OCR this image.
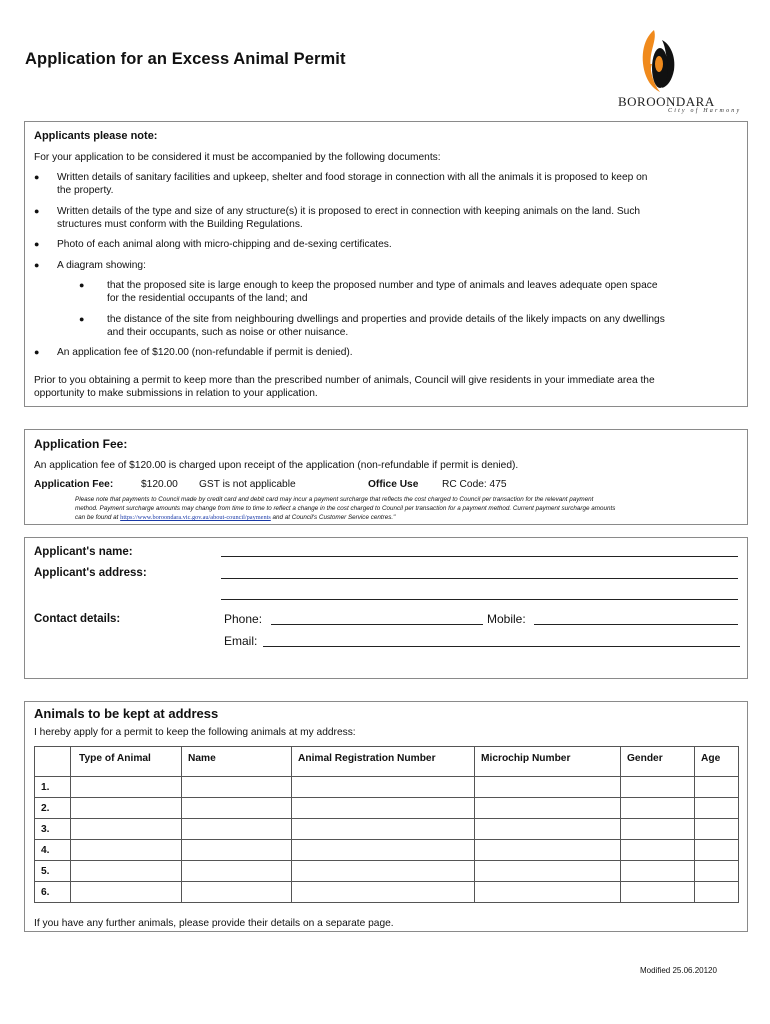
Application for an Excess Animal Permit
BOROONDARA
City of Harmony
Applicants please note:
For your application to be considered it must be accompanied by the following documents:
● Written details of sanitary facilities and upkeep, shelter and food storage in connection with all the animals it is proposed to keep on
the property.
● Written details of the type and size of any structure(s) it is proposed to erect in connection with keeping animals on the land. Such
structures must conform with the Building Regulations.
● Photo of each animal along with micro-chipping and de-sexing certificates.
● A diagram showing:
● that the proposed site is large enough to keep the proposed number and type of animals and leaves adequate open space
for the residential occupants of the land; and
● the distance of the site from neighbouring dwellings and properties and provide details of the likely impacts on any dwellings
and their occupants, such as noise or other nuisance.
● An application fee of $120.00 (non-refundable if permit is denied).
Prior to you obtaining a permit to keep more than the prescribed number of animals, Council will give residents in your immediate area the
opportunity to make submissions in relation to your application.
Application Fee:
An application fee of $120.00 is charged upon receipt of the application (non-refundable if permit is denied).
Application Fee:	$120.00 GST is not applicable	Office Use RC Code: 475
Please note that payments to Council made by credit card and debit card may incur a payment surcharge that reflects the cost charged to Council per transaction for the relevant payment
method. Payment surcharge amounts may change from time to time to reflect a change in the cost charged to Council per transaction for a payment method. Current payment surcharge amounts
can be found at https://www.boroondara.vic.gov.au/about-council/payments and at Council's Customer Service centres."
Applicant's name:
Applicant's address:
Contact details:	Phone:	Mobile:
Email:
Animals to be kept at address
I hereby apply for a permit to keep the following animals at my address:
	Type of Animal	Name	Animal Registration Number	Microchip Number	Gender	Age
1.						
2.						
3.						
4.						
5.						
6.						
If you have any further animals, please provide their details on a separate page.
Modified 25.06.20120
